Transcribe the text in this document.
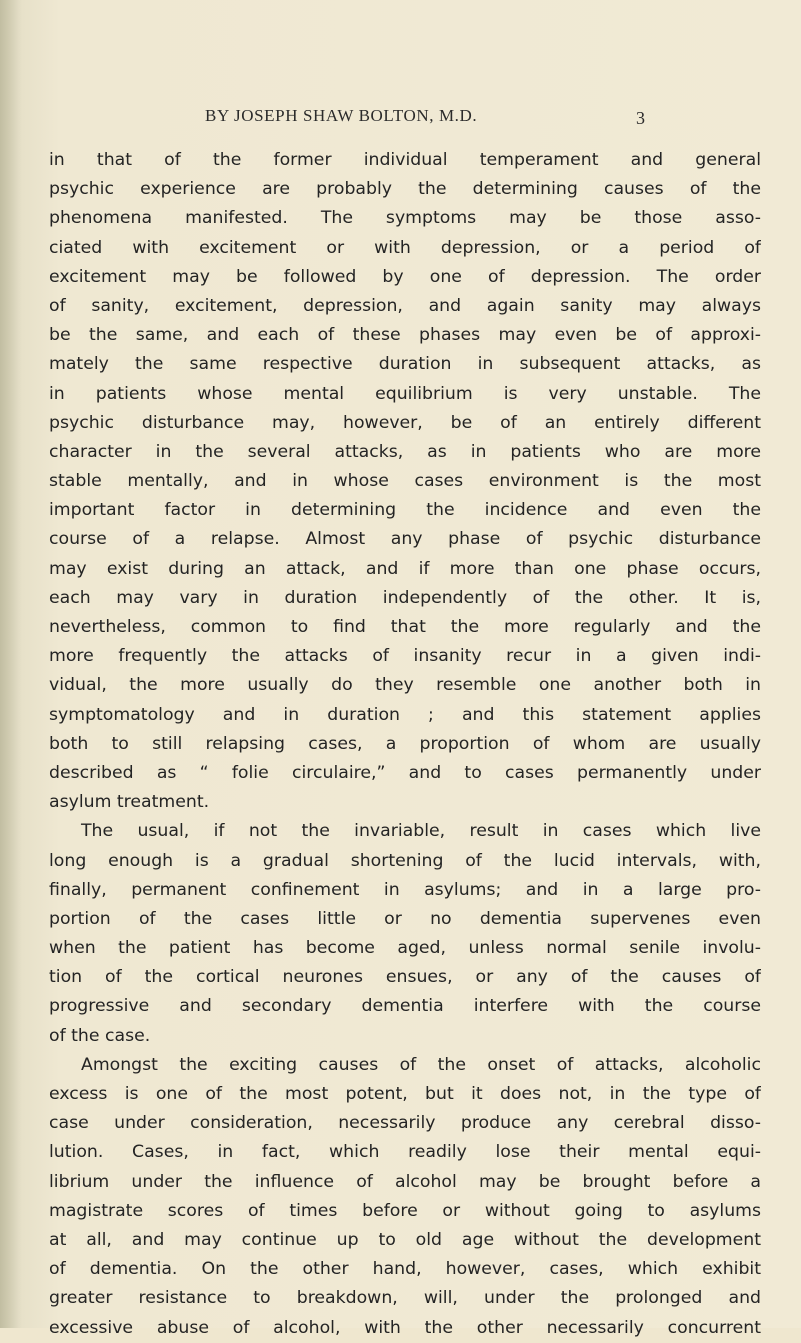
BY JOSEPH SHAW BOLTON, M.D.	3
in that of the former individual temperament and general
psychic experience are probably the determining causes of the
phenomena manifested. The symptoms may be those asso-
ciated with excitement or with depression, or a period of
excitement may be followed by one of depression. The order
of sanity, excitement, depression, and again sanity may always
be the same, and each of these phases may even be of approxi-
mately the same respective duration in subsequent attacks, as
in patients whose mental equilibrium is very unstable. The
psychic disturbance may, however, be of an entirely different
character in the several attacks, as in patients who are more
stable mentally, and in whose cases environment is the most
important factor in determining the incidence and even the
course of a relapse. Almost any phase of psychic disturbance
may exist during an attack, and if more than one phase occurs,
each may vary in duration independently of the other. It is,
nevertheless, common to find that the more regularly and the
more frequently the attacks of insanity recur in a given indi-
vidual, the more usually do they resemble one another both in
symptomatology and in duration ; and this statement applies
both to still relapsing cases, a proportion of whom are usually
described as “ folie circulaire,” and to cases permanently under
asylum treatment.
The usual, if not the invariable, result in cases which live
long enough is a gradual shortening of the lucid intervals, with,
finally, permanent confinement in asylums; and in a large pro-
portion of the cases little or no dementia supervenes even
when the patient has become aged, unless normal senile involu-
tion of the cortical neurones ensues, or any of the causes of
progressive and secondary dementia interfere with the course
of the case.
Amongst the exciting causes of the onset of attacks, alcoholic
excess is one of the most potent, but it does not, in the type of
case under consideration, necessarily produce any cerebral disso-
lution. Cases, in fact, which readily lose their mental equi-
librium under the influence of alcohol may be brought before a
magistrate scores of times before or without going to asylums
at all, and may continue up to old age without the development
of dementia. On the other hand, however, cases, which exhibit
greater resistance to breakdown, will, under the prolonged and
excessive abuse of alcohol, with the other necessarily concurrent
